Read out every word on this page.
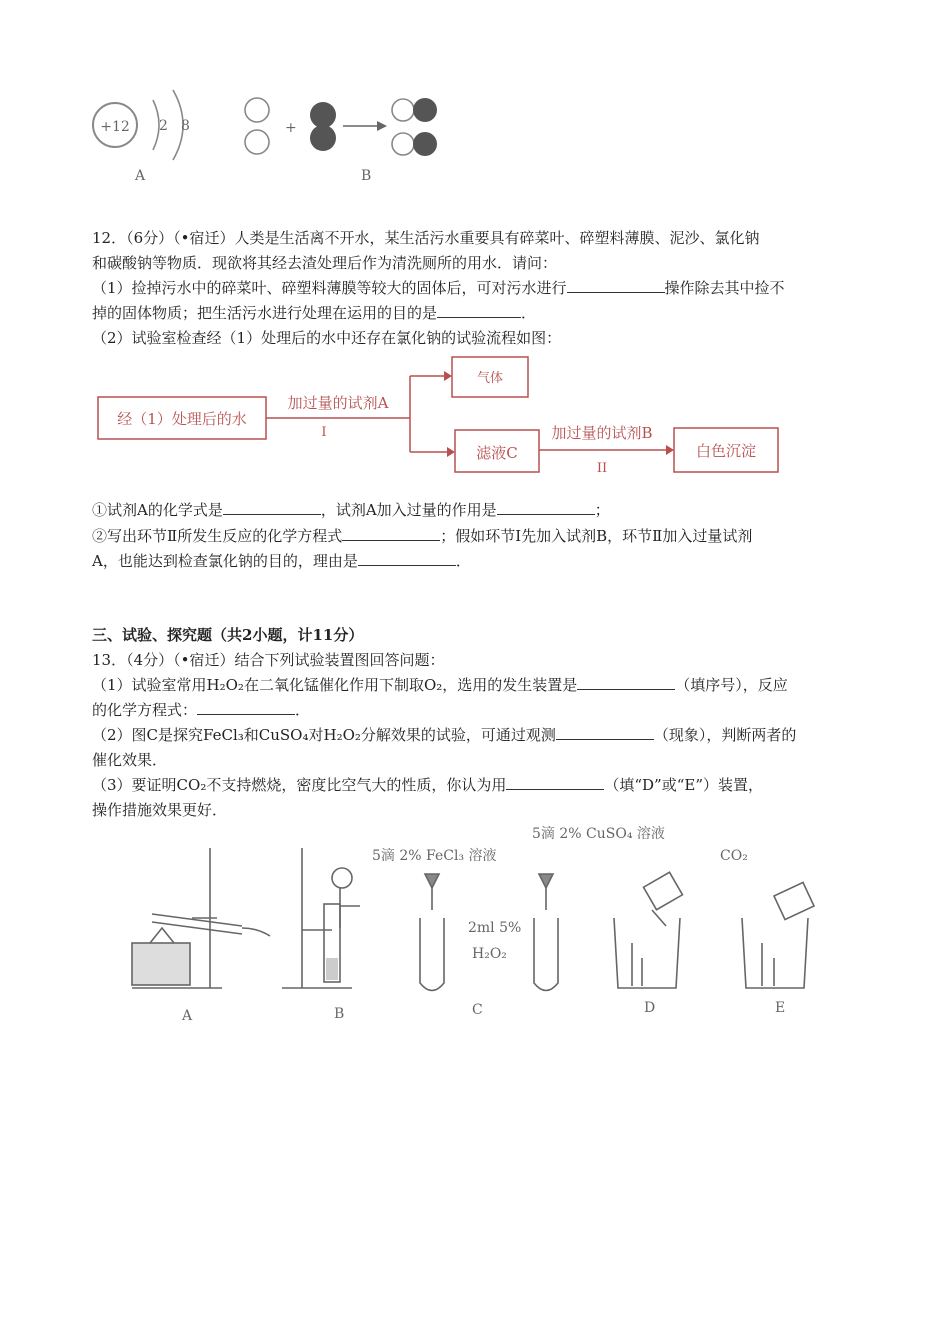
+12 2 8
A
+
B
12．（6分）（•宿迁）人类是生活离不开水，某生活污水重要具有碎菜叶、碎塑料薄膜、泥沙、氯化钠
和碳酸钠等物质．现欲将其经去渣处理后作为清洗厕所的用水．请问：
（1）捡掉污水中的碎菜叶、碎塑料薄膜等较大的固体后，可对污水进行	操作除去其中捡不
掉的固体物质；把生活污水进行处理在运用的目的是	．
（2）试验室检查经（1）处理后的水中还存在氯化钠的试验流程如图：
经（1）处理后的水
加过量的试剂A
I
气体
滤液C
加过量的试剂B
II
白色沉淀
①试剂A的化学式是	，试剂A加入过量的作用是	；
②写出环节Ⅱ所发生反应的化学方程式	；假如环节Ⅰ先加入试剂B，环节Ⅱ加入过量试剂
A，也能达到检查氯化钠的目的，理由是	．
三、试验、探究题（共2小题，计11分）
13．（4分）（•宿迁）结合下列试验装置图回答问题：
（1）试验室常用H₂O₂在二氧化锰催化作用下制取O₂，选用的发生装置是	（填序号），反应
的化学方程式：	．
（2）图C是探究FeCl₃和CuSO₄对H₂O₂分解效果的试验，可通过观测	（现象），判断两者的
催化效果．
（3）要证明CO₂不支持燃烧，密度比空气大的性质，你认为用	（填“D”或“E”）装置，
操作措施效果更好．
5滴 2% FeCl₃ 溶液
5滴 2% CuSO₄ 溶液
2ml 5%
H₂O₂
CO₂
A	B	C	D	E
